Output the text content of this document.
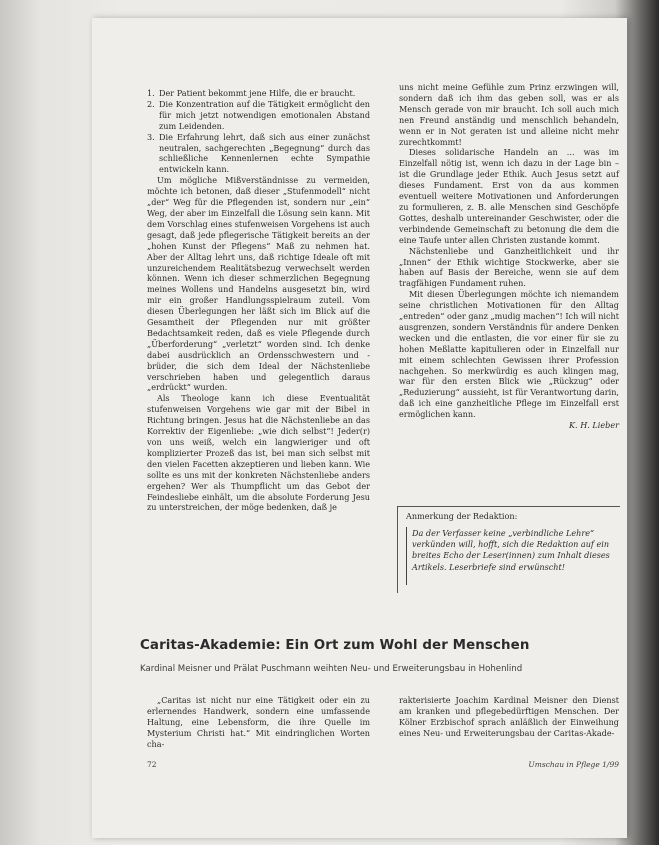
1. Der Patient bekommt jene Hilfe, die er braucht.
2. Die Konzentration auf die Tätigkeit ermöglicht den für mich jetzt notwendigen emotionalen Abstand zum Leidenden.
3. Die Erfahrung lehrt, daß sich aus einer zunächst neutralen, sachgerechten „Begegnung“ durch das schließliche Kennenlernen echte Sympathie entwickeln kann.

Um mögliche Mißverständnisse zu vermeiden, möchte ich betonen, daß dieser „Stufenmodell“ nicht „der“ Weg für die Pflegenden ist, sondern nur „ein“ Weg, der aber im Einzelfall die Lösung sein kann. Mit dem Vorschlag eines stufenweisen Vorgehens ist auch gesagt, daß jede pflegerische Tätigkeit bereits an der „hohen Kunst der Pflegens“ Maß zu nehmen hat. Aber der Alltag lehrt uns, daß richtige Ideale oft mit unzureichendem Realitätsbezug verwechselt werden können. Wenn ich dieser schmerzlichen Begegnung meines Wollens und Handelns ausgesetzt bin, wird mir ein großer Handlungsspielraum zuteil. Vom diesen Überlegungen her läßt sich im Blick auf die Gesamtheit der Pflegenden nur mit größter Bedachtsamkeit reden, daß es viele Pflegende durch „Überforderung“ „verletzt“ worden sind. Ich denke dabei ausdrücklich an Ordensschwestern und -brüder, die sich dem Ideal der Nächstenliebe verschrieben haben und gelegentlich daraus „erdrückt“ wurden.

Als Theologe kann ich diese Eventualität stufenweisen Vorgehens wie gar mit der Bibel in Richtung bringen. Jesus hat die Nächstenliebe an das Korrektiv der Eigenliebe: „wie dich selbst“! Jeder(r) von uns weiß, welch ein langwieriger und oft komplizierter Prozeß das ist, bei man sich selbst mit den vielen Facetten akzeptieren und lieben kann. Wie sollte es uns mit der konkreten Nächstenliebe anders ergehen? Wer als Thumpflicht um das Gebot der Feindesliebe einhält, um die absolute Forderung Jesu zu unterstreichen, der möge bedenken, daß je

uns nicht meine Gefühle zum Prinz erzwingen will, sondern daß ich ihm das geben soll, was er als Mensch gerade von mir braucht. Ich soll auch mich nen Freund anständig und menschlich behandeln, wenn er in Not geraten ist und alleine nicht mehr zurechtkommt!

Dieses solidarische Handeln an ... was im Einzelfall nötig ist, wenn ich dazu in der Lage bin – ist die Grundlage jeder Ethik. Auch Jesus setzt auf dieses Fundament. Erst von da aus kommen eventuell weitere Motivationen und Anforderungen zu formulieren, z. B. alle Menschen sind Geschöpfe Gottes, deshalb untereinander Geschwister, oder die verbindende Gemeinschaft zu betonung die dem die eine Taufe unter allen Christen zustande kommt.

Nächstenliebe und Ganzheitlichkeit und ihr „Innen“ der Ethik wichtige Stockwerke, aber sie haben auf Basis der Bereiche, wenn sie auf dem tragfähigen Fundament ruhen.

Mit diesen Überlegungen möchte ich niemandem seine christlichen Motivationen für den Alltag „entreden“ oder ganz „mudig machen“! Ich will nicht ausgrenzen, sondern Verständnis für andere Denken wecken und die entlasten, die vor einer für sie zu hohen Meßlatte kapitulieren oder in Einzelfall nur mit einem schlechten Gewissen ihrer Profession nachgehen. So merkwürdig es auch klingen mag, war für den ersten Blick wie „Rückzug“ oder „Reduzierung“ aussieht, ist für Verantwortung darin, daß ich eine ganzheitliche Pflege im Einzelfall erst ermöglichen kann.

K. H. Lieber

Anmerkung der Redaktion:
Da der Verfasser keine „verbindliche Lehre“ verkünden will, hofft, sich die Redaktion auf ein breites Echo der Leser(innen) zum Inhalt dieses Artikels. Leserbriefe sind erwünscht!
Caritas-Akademie: Ein Ort zum Wohl der Menschen
Kardinal Meisner und Prälat Puschmann weihten Neu- und Erweiterungsbau in Hohenlind

„Caritas ist nicht nur eine Tätigkeit oder ein zu erlernendes Handwerk, sondern eine umfassende Haltung, eine Lebensform, die ihre Quelle im Mysterium Christi hat.“ Mit eindringlichen Worten cha-

rakterisierte Joachim Kardinal Meisner den Dienst am kranken und pflegebedürftigen Menschen. Der Kölner Erzbischof sprach anläßlich der Einweihung eines Neu- und Erweiterungsbau der Caritas-Akade-

72	Umschau in Pflege 1/99
